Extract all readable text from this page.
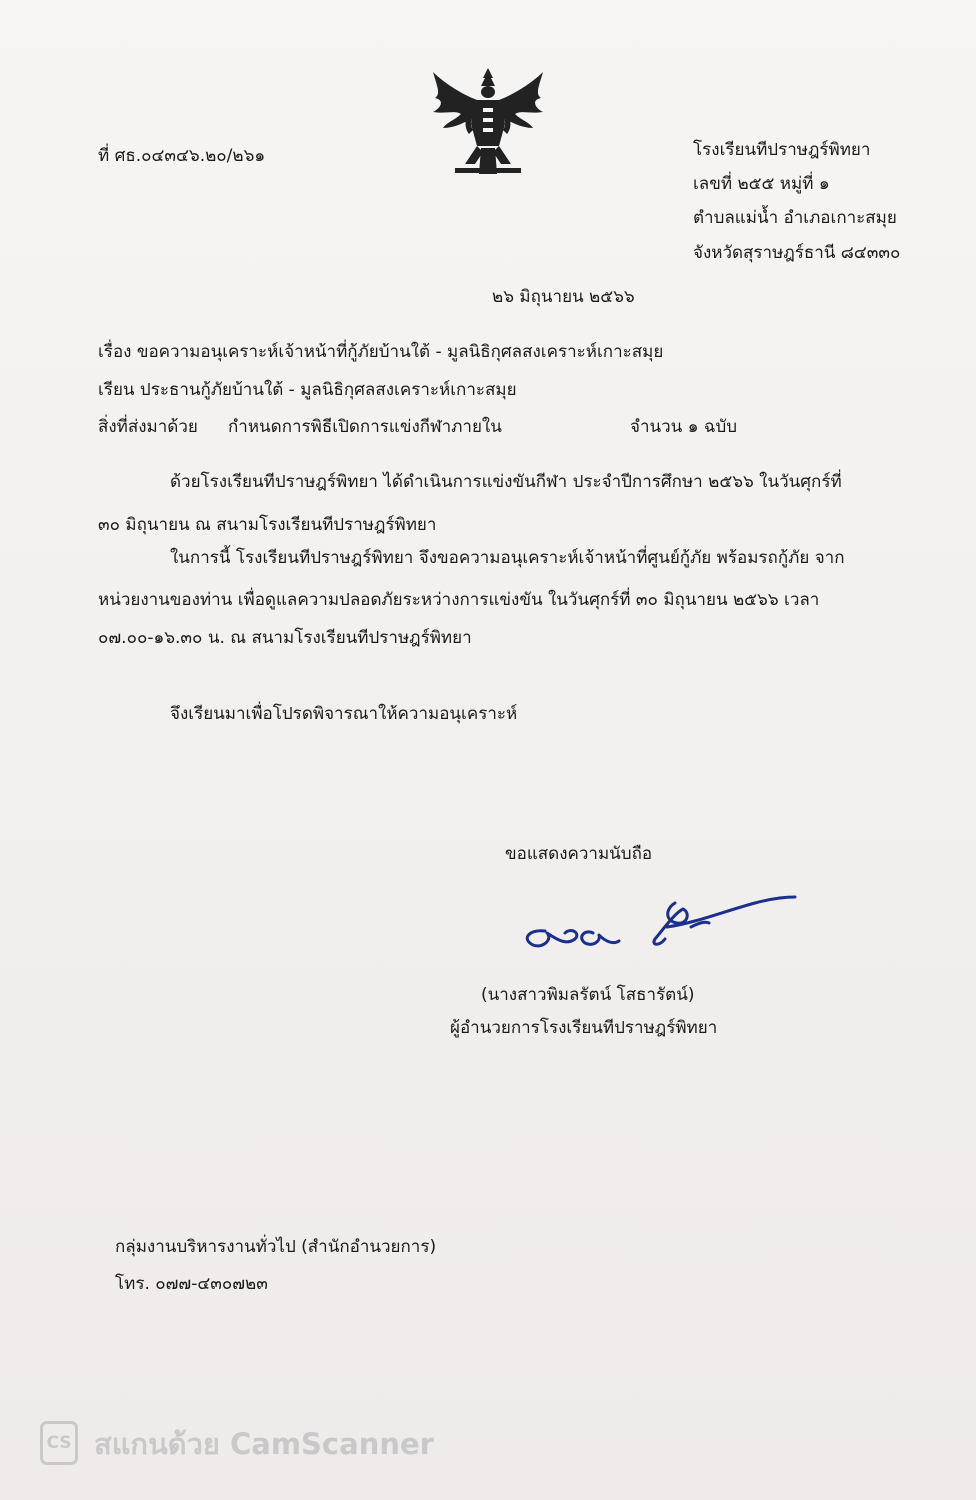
ที่ ศธ.๐๔๓๔๖.๒๐/๒๖๑	โรงเรียนทีปราษฎร์พิทยา
เลขที่ ๒๕๕ หมู่ที่ ๑
ตำบลแม่น้ำ อำเภอเกาะสมุย
จังหวัดสุราษฎร์ธานี ๘๔๓๓๐
๒๖ มิถุนายน ๒๕๖๖
เรื่อง ขอความอนุเคราะห์เจ้าหน้าที่กู้ภัยบ้านใต้ - มูลนิธิกุศลสงเคราะห์เกาะสมุย
เรียน ประธานกู้ภัยบ้านใต้ - มูลนิธิกุศลสงเคราะห์เกาะสมุย
สิ่งที่ส่งมาด้วย กำหนดการพิธีเปิดการแข่งกีฬาภายใน	จำนวน ๑ ฉบับ
ด้วยโรงเรียนทีปราษฎร์พิทยา ได้ดำเนินการแข่งขันกีฬา ประจำปีการศึกษา ๒๕๖๖ ในวันศุกร์ที่
๓๐ มิถุนายน ณ สนามโรงเรียนทีปราษฎร์พิทยา
ในการนี้ โรงเรียนทีปราษฎร์พิทยา จึงขอความอนุเคราะห์เจ้าหน้าที่ศูนย์กู้ภัย พร้อมรถกู้ภัย จาก
หน่วยงานของท่าน เพื่อดูแลความปลอดภัยระหว่างการแข่งขัน ในวันศุกร์ที่ ๓๐ มิถุนายน ๒๕๖๖ เวลา
๐๗.๐๐-๑๖.๓๐ น. ณ สนามโรงเรียนทีปราษฎร์พิทยา
จึงเรียนมาเพื่อโปรดพิจารณาให้ความอนุเคราะห์
ขอแสดงความนับถือ
(นางสาวพิมลรัตน์ โสธารัตน์)
ผู้อำนวยการโรงเรียนทีปราษฎร์พิทยา
กลุ่มงานบริหารงานทั่วไป (สำนักอำนวยการ)
โทร. ๐๗๗-๔๓๐๗๒๓
CS สแกนด้วย CamScanner
